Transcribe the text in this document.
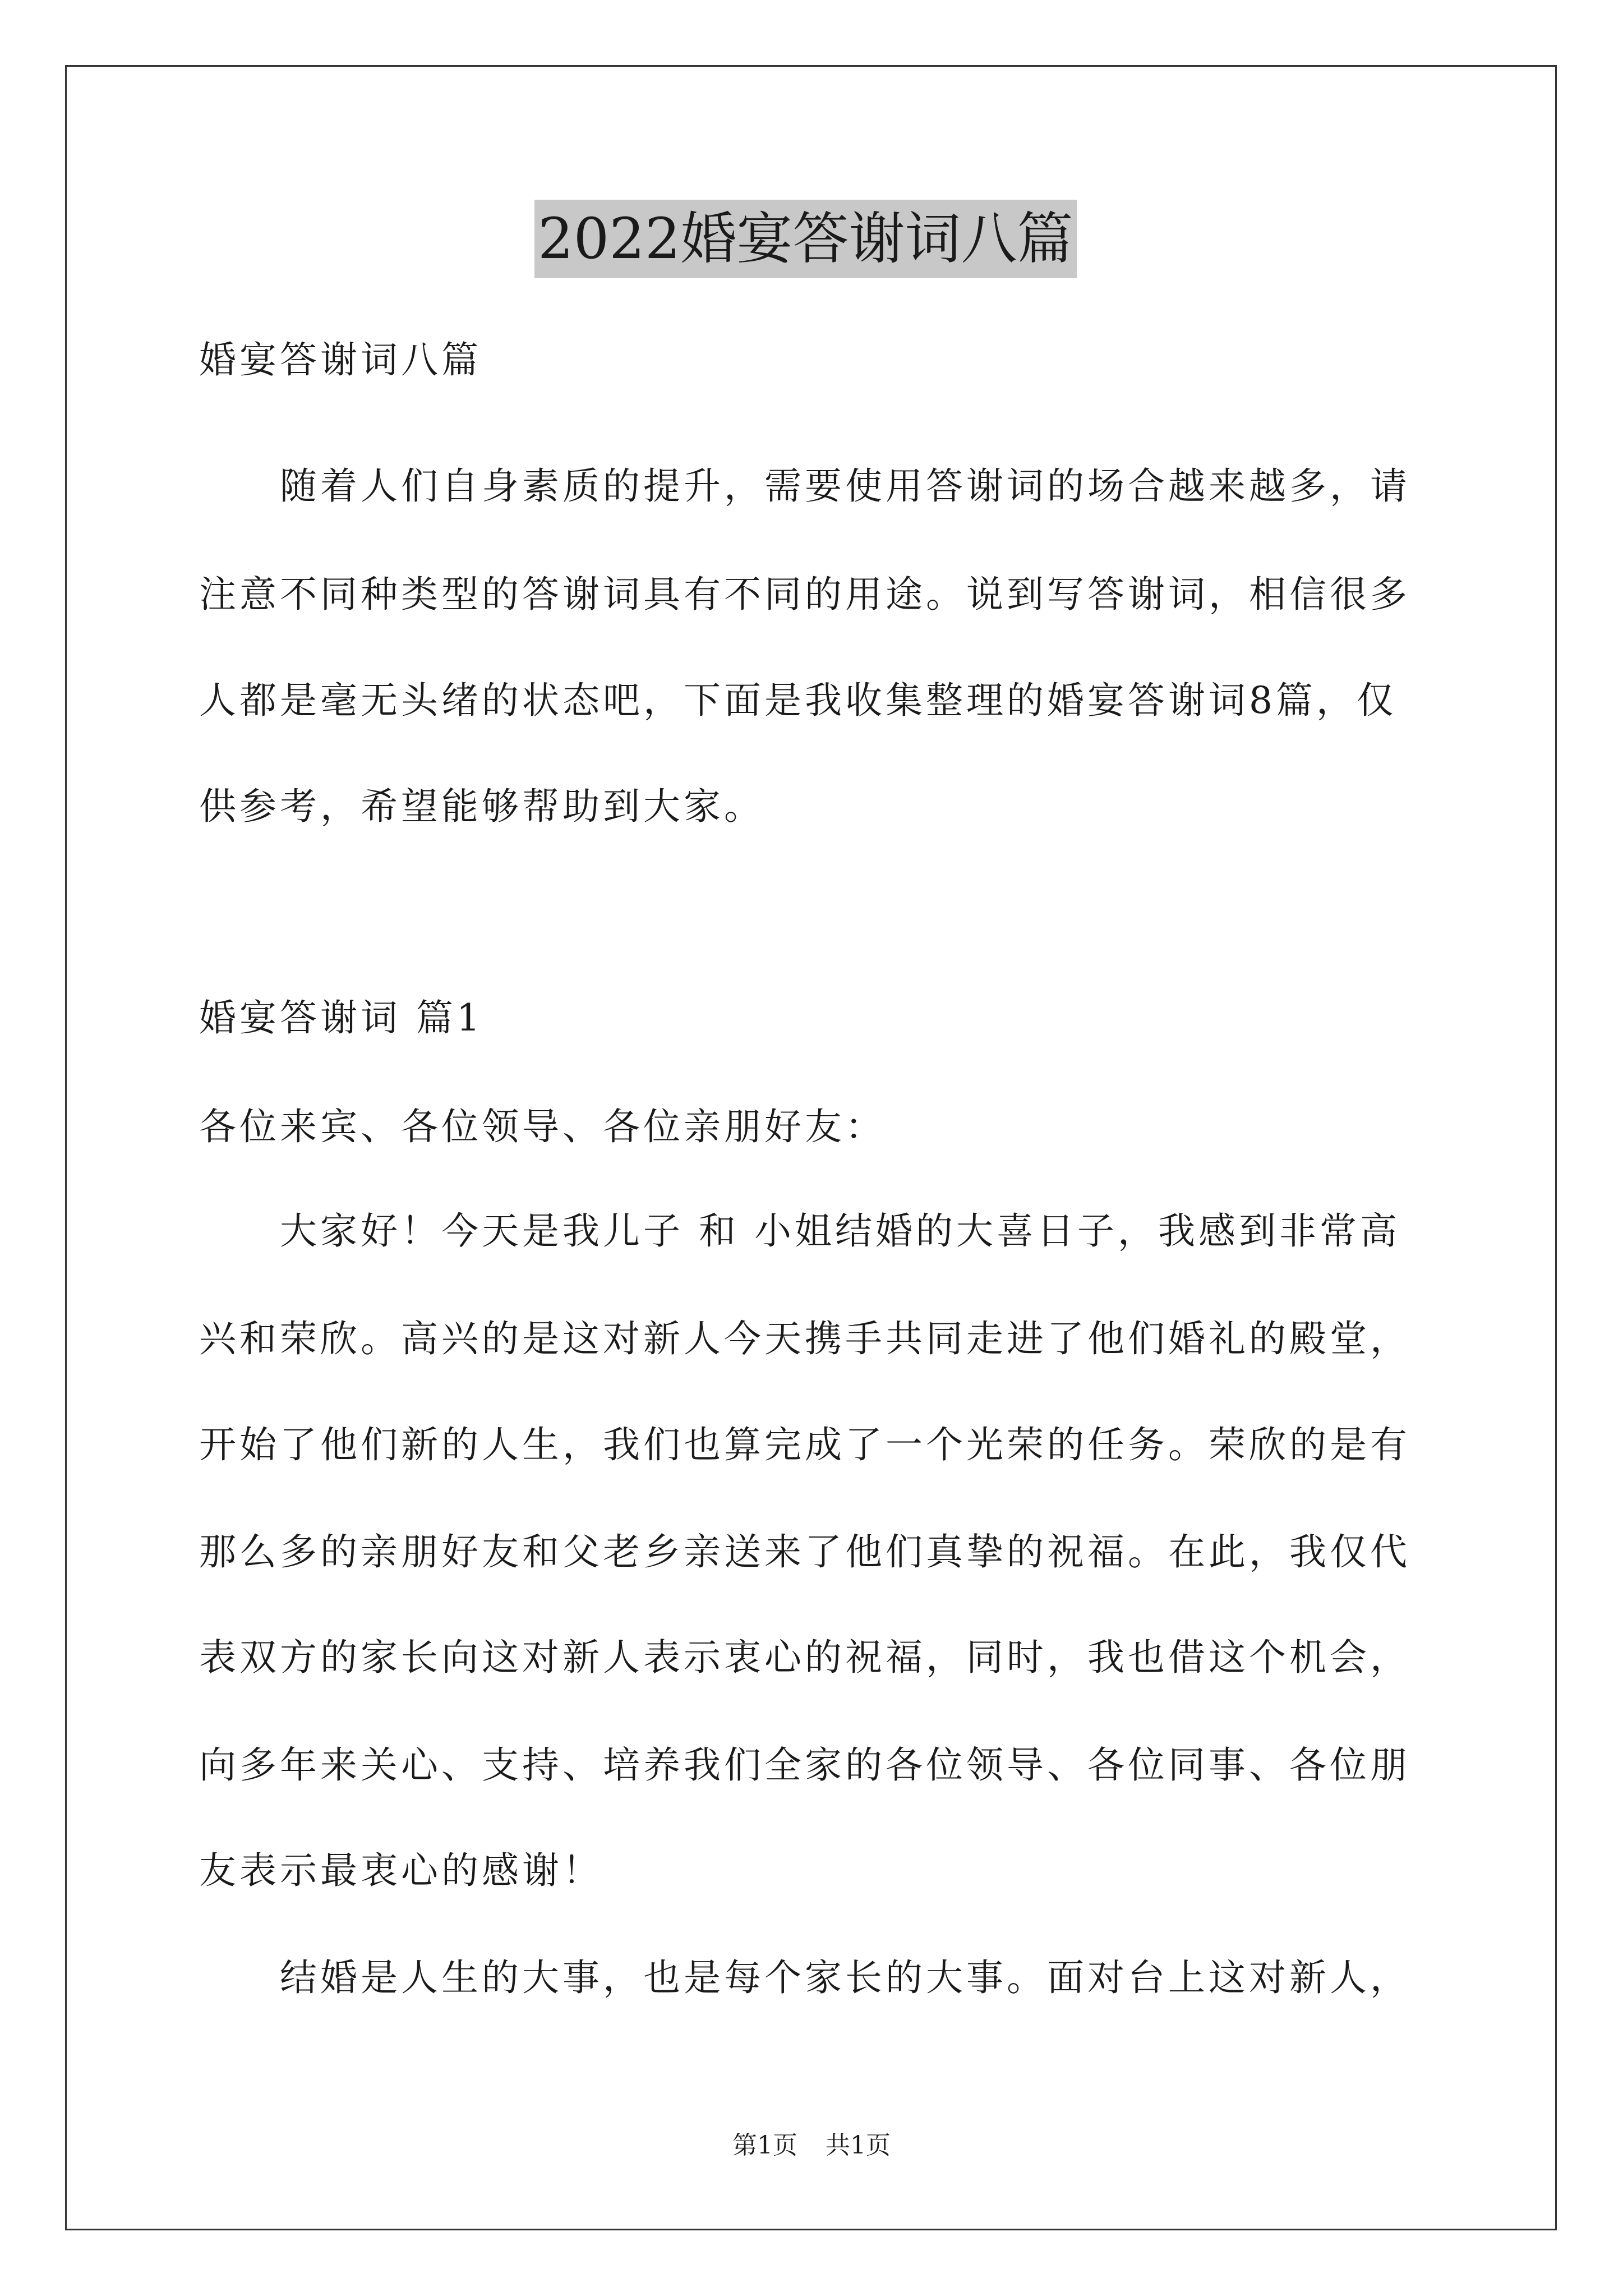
2022婚宴答谢词八篇
婚宴答谢词八篇
　　随着人们自身素质的提升，需要使用答谢词的场合越来越多，请
注意不同种类型的答谢词具有不同的用途。说到写答谢词，相信很多
人都是毫无头绪的状态吧，下面是我收集整理的婚宴答谢词8篇，仅
供参考，希望能够帮助到大家。
婚宴答谢词 篇1
各位来宾、各位领导、各位亲朋好友：
　　大家好！今天是我儿子 和 小姐结婚的大喜日子，我感到非常高
兴和荣欣。高兴的是这对新人今天携手共同走进了他们婚礼的殿堂，
开始了他们新的人生，我们也算完成了一个光荣的任务。荣欣的是有
那么多的亲朋好友和父老乡亲送来了他们真挚的祝福。在此，我仅代
表双方的家长向这对新人表示衷心的祝福，同时，我也借这个机会，
向多年来关心、支持、培养我们全家的各位领导、各位同事、各位朋
友表示最衷心的感谢！
　　结婚是人生的大事，也是每个家长的大事。面对台上这对新人，
第1页 共1页
